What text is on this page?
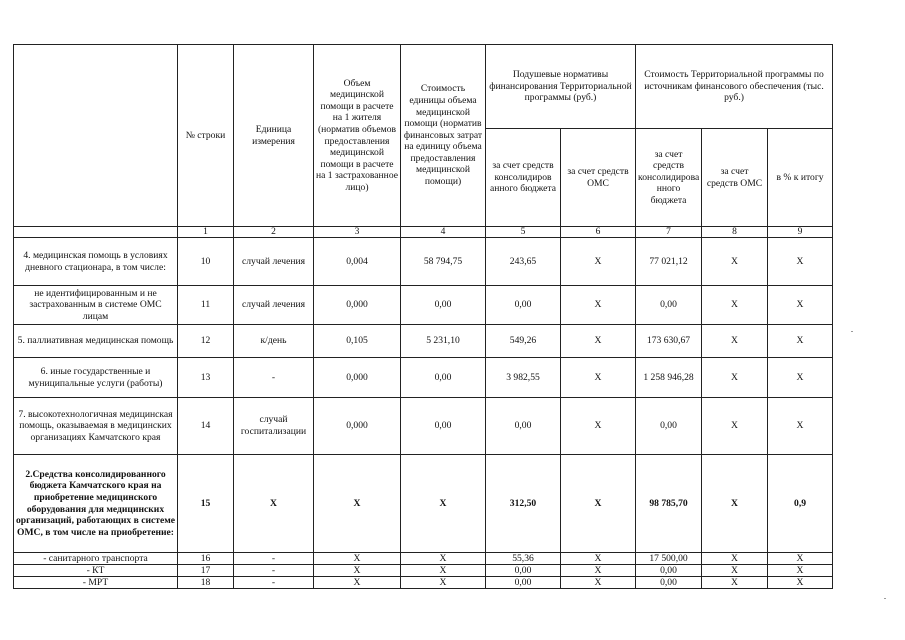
	№ строки	Единица измерения	Объем медицинской помощи в расчете на 1 жителя (норматив объемов предоставления медицинской помощи в расчете на 1 застрахованное лицо)	Стоимость единицы объема медицинской помощи (норматив финансовых затрат на единицу объема предоставления медицинской помощи)	Подушевые нормативы финансирования Территориальной программы (руб.)		Стоимость Территориальной программы по источникам финансового обеспечения (тыс. руб.)		
					за счет средств консолидиров анного бюджета	за счет средств ОМС	за счет средств консолидирова нного бюджета	за счет средств ОМС	в % к итогу
	1	2	3	4	5	6	7	8	9
4. медицинская помощь в условиях дневного стационара, в том числе:	10	случай лечения	0,004	58 794,75	243,65	X	77 021,12	X	X
не идентифицированным и не застрахованным в системе ОМС лицам	11	случай лечения	0,000	0,00	0,00	X	0,00	X	X
5. паллиативная медицинская помощь	12	к/день	0,105	5 231,10	549,26	X	173 630,67	X	X
6. иные государственные и муниципальные услуги (работы)	13	-	0,000	0,00	3 982,55	X	1 258 946,28	X	X
7. высокотехнологичная медицинская помощь, оказываемая в медицинских организациях Камчатского края	14	случай госпитализации	0,000	0,00	0,00	X	0,00	X	X
2.Средства консолидированного бюджета Камчатского края на приобретение медицинского оборудования для медицинских организаций, работающих в системе ОМС, в том числе на приобретение:	15	X	X	X	312,50	X	98 785,70	X	0,9
- санитарного транспорта	16	-	X	X	55,36	X	17 500,00	X	X
- КТ	17	-	X	X	0,00	X	0,00	X	X
- МРТ	18	-	X	X	0,00	X	0,00	X	X
